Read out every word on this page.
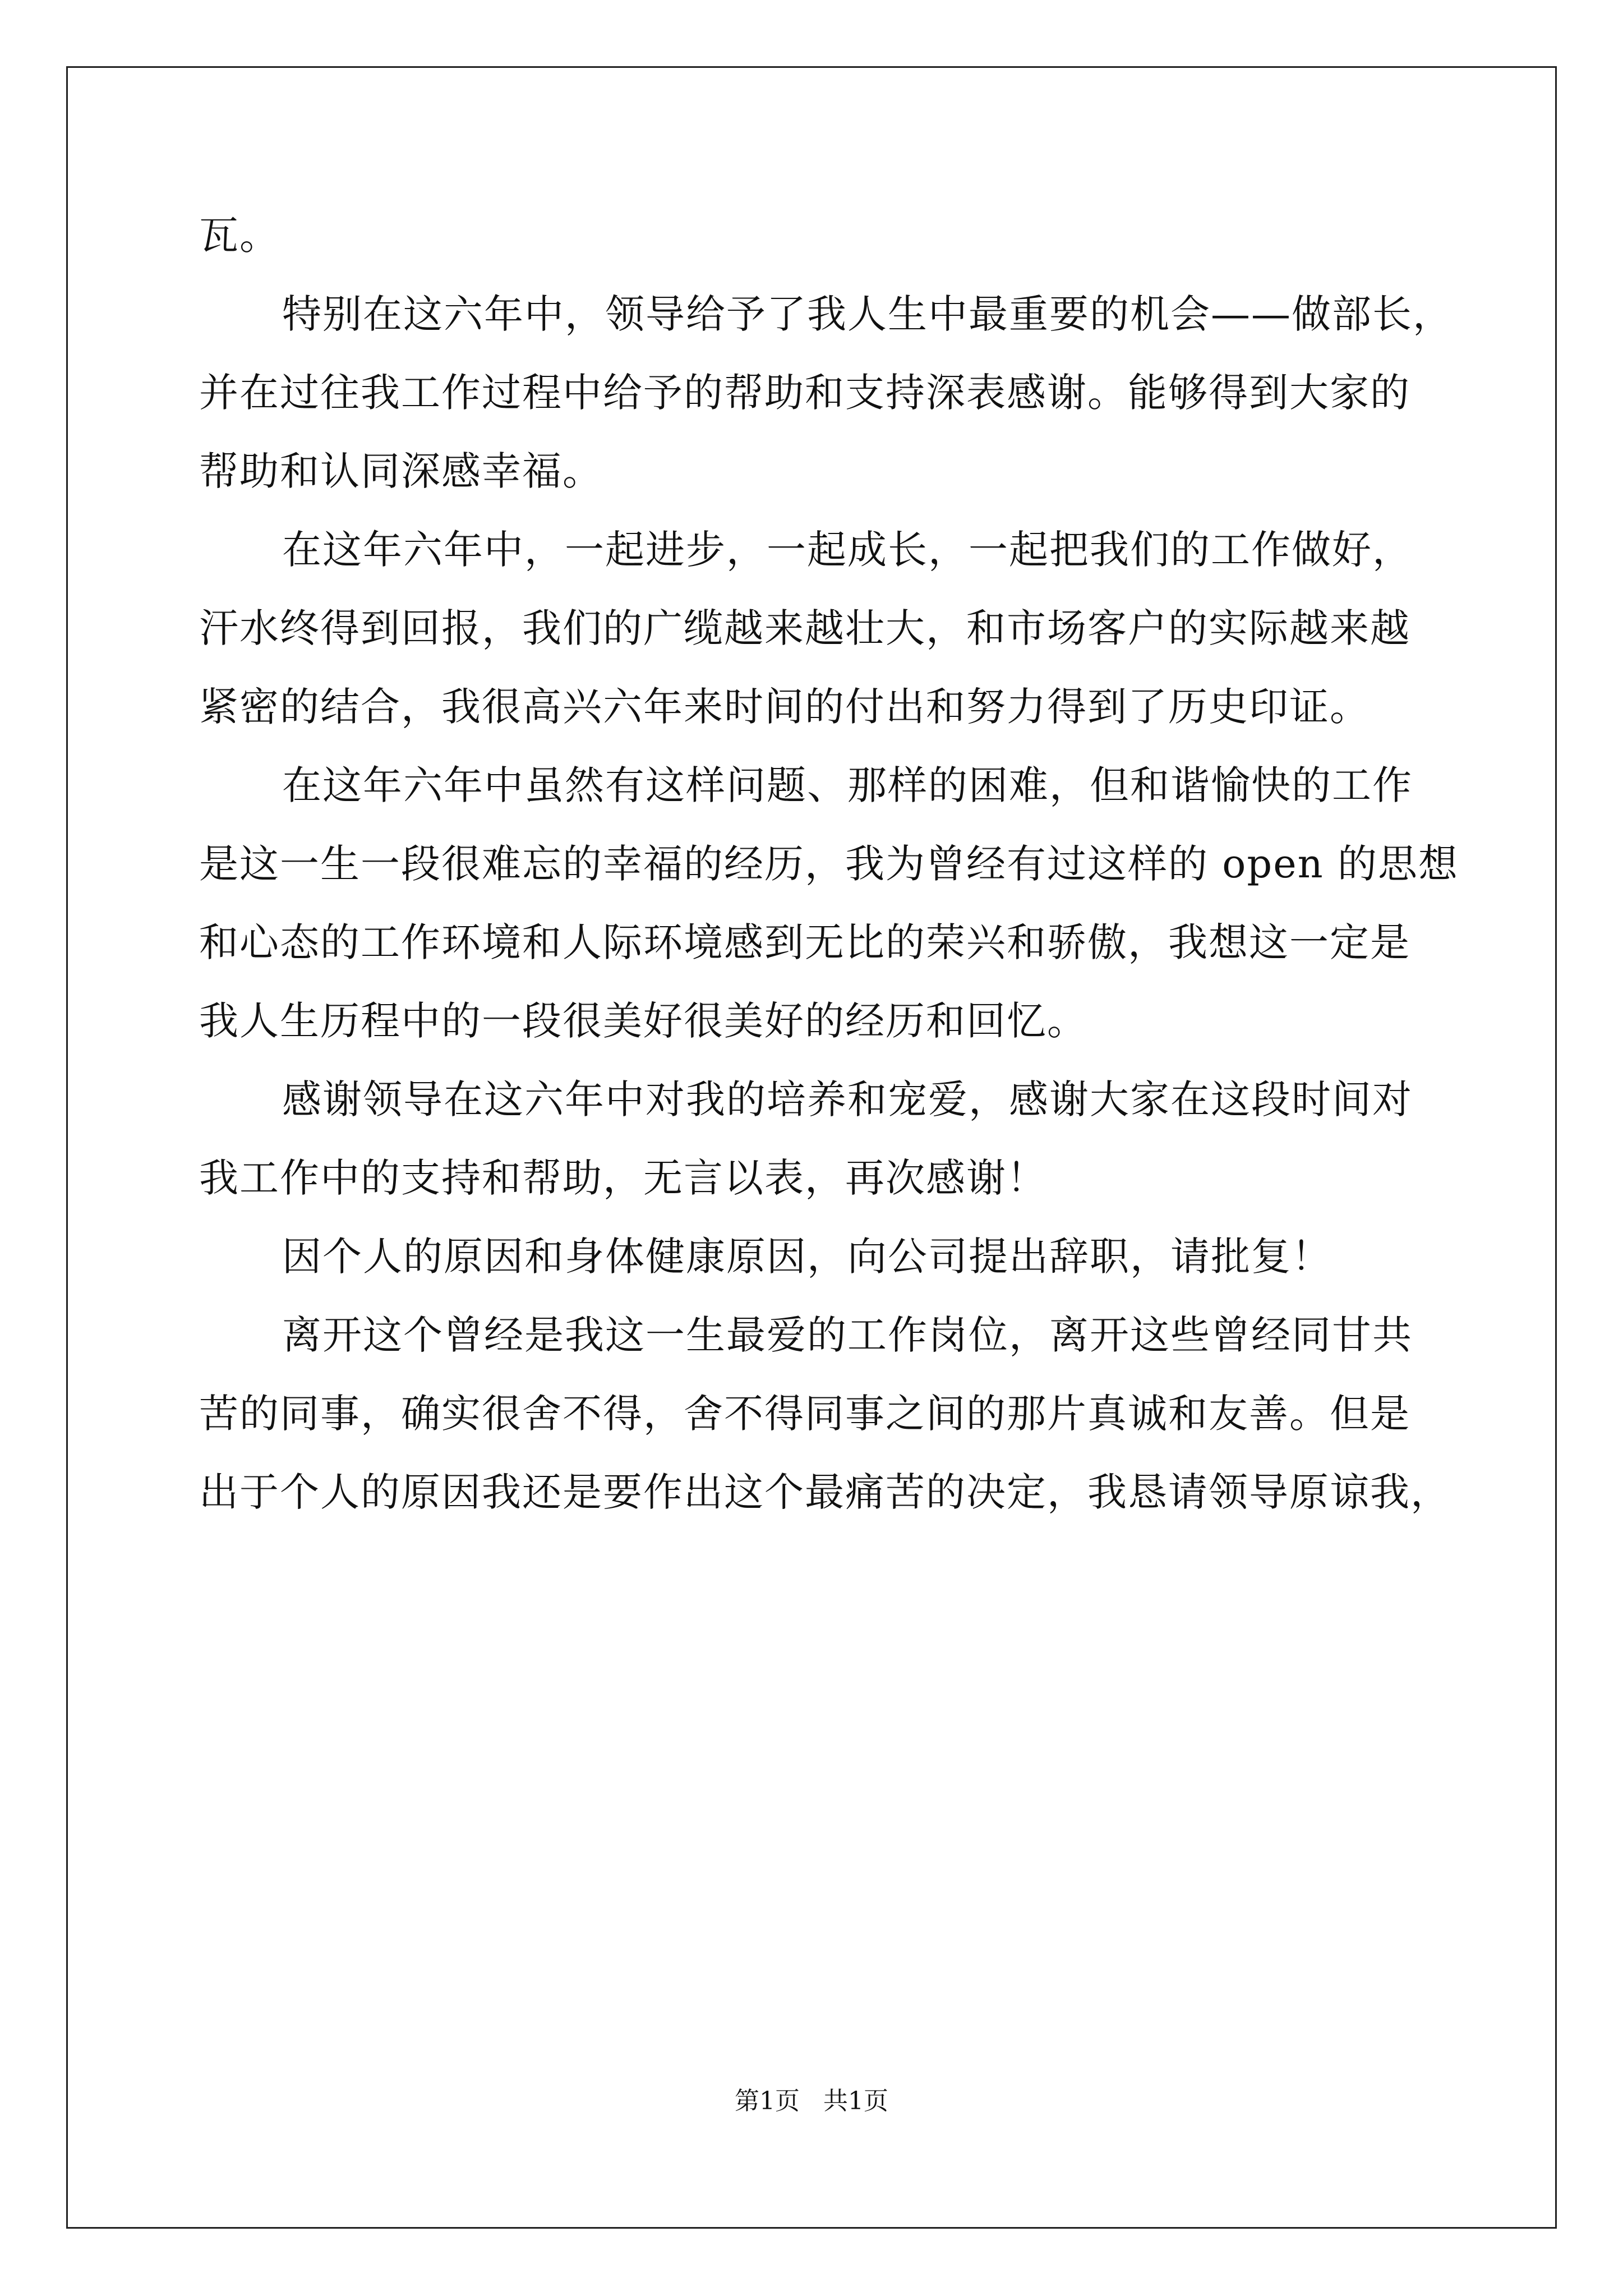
瓦。
特别在这六年中，领导给予了我人生中最重要的机会——做部长，
并在过往我工作过程中给予的帮助和支持深表感谢。能够得到大家的
帮助和认同深感幸福。
在这年六年中，一起进步，一起成长，一起把我们的工作做好，
汗水终得到回报，我们的广缆越来越壮大，和市场客户的实际越来越
紧密的结合，我很高兴六年来时间的付出和努力得到了历史印证。
在这年六年中虽然有这样问题、那样的困难，但和谐愉快的工作
是这一生一段很难忘的幸福的经历，我为曾经有过这样的 open 的思想
和心态的工作环境和人际环境感到无比的荣兴和骄傲，我想这一定是
我人生历程中的一段很美好很美好的经历和回忆。
感谢领导在这六年中对我的培养和宠爱，感谢大家在这段时间对
我工作中的支持和帮助，无言以表，再次感谢！
因个人的原因和身体健康原因，向公司提出辞职，请批复！
离开这个曾经是我这一生最爱的工作岗位，离开这些曾经同甘共
苦的同事，确实很舍不得，舍不得同事之间的那片真诚和友善。但是
出于个人的原因我还是要作出这个最痛苦的决定，我恳请领导原谅我，
第1页   共1页
